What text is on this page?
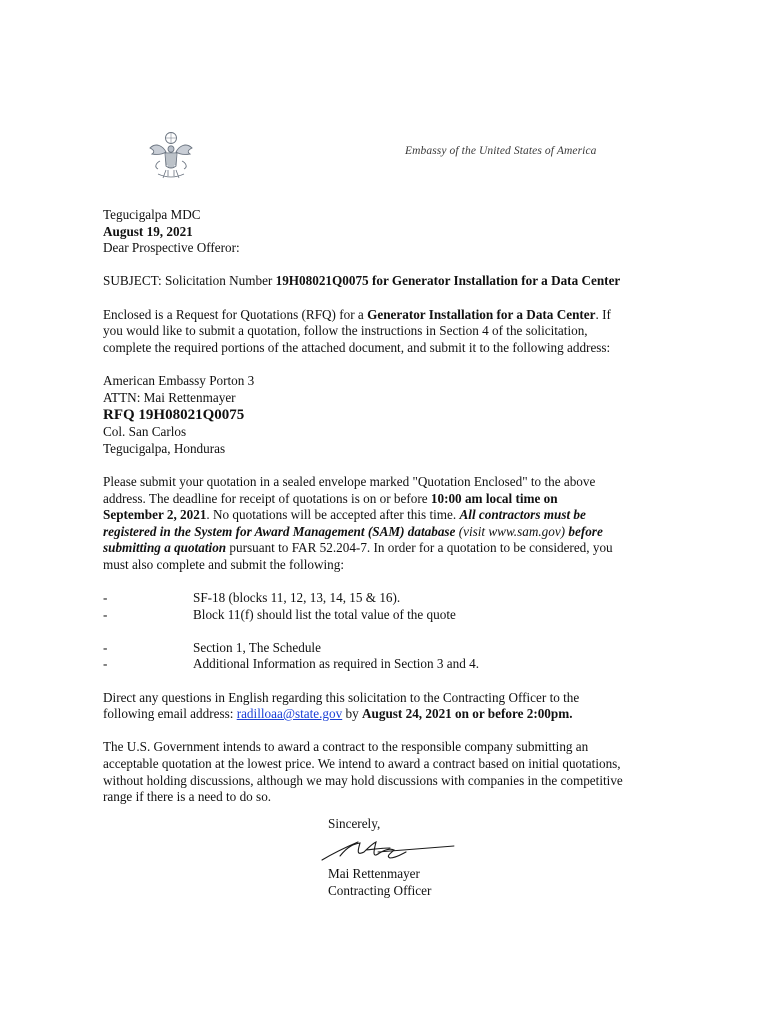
Embassy of the United States of America
Tegucigalpa MDC
August 19, 2021
Dear Prospective Offeror:
SUBJECT: Solicitation Number 19H08021Q0075 for Generator Installation for a Data Center
Enclosed is a Request for Quotations (RFQ) for a Generator Installation for a Data Center. If
you would like to submit a quotation, follow the instructions in Section 4 of the solicitation,
complete the required portions of the attached document, and submit it to the following address:
American Embassy Porton 3
ATTN: Mai Rettenmayer
RFQ 19H08021Q0075
Col. San Carlos
Tegucigalpa, Honduras
Please submit your quotation in a sealed envelope marked "Quotation Enclosed" to the above
address. The deadline for receipt of quotations is on or before 10:00 am local time on
September 2, 2021. No quotations will be accepted after this time. All contractors must be
registered in the System for Award Management (SAM) database (visit www.sam.gov) before
submitting a quotation pursuant to FAR 52.204-7. In order for a quotation to be considered, you
must also complete and submit the following:
-	SF-18 (blocks 11, 12, 13, 14, 15 & 16).
-	Block 11(f) should list the total value of the quote
-	Section 1, The Schedule
-	Additional Information as required in Section 3 and 4.
Direct any questions in English regarding this solicitation to the Contracting Officer to the
following email address: radilloaa@state.gov by August 24, 2021 on or before 2:00pm.
The U.S. Government intends to award a contract to the responsible company submitting an
acceptable quotation at the lowest price. We intend to award a contract based on initial quotations,
without holding discussions, although we may hold discussions with companies in the competitive
range if there is a need to do so.
Sincerely,
Mai Rettenmayer
Contracting Officer
